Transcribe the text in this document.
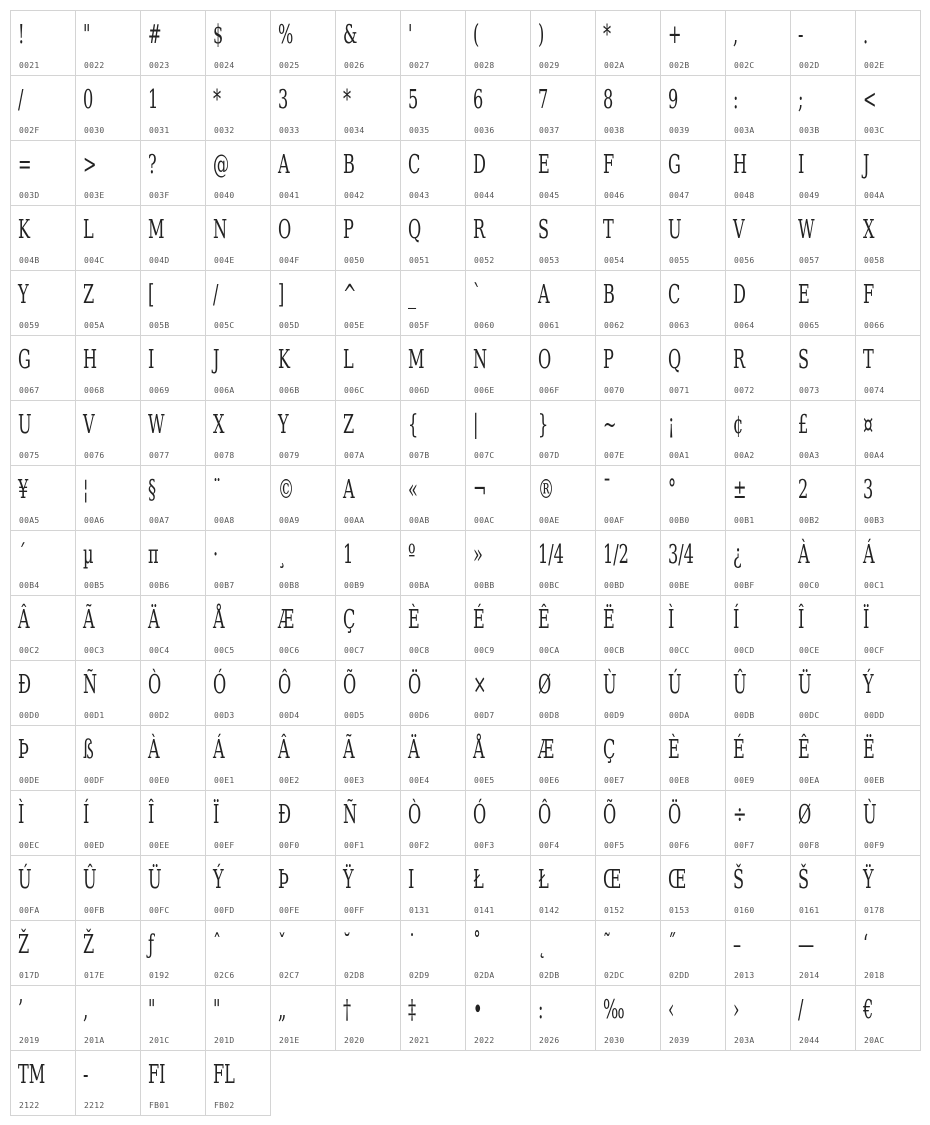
!
0021
"
0022
#
0023
$
0024
%
0025
&
0026
'
0027
(
0028
)
0029
*
002A
+
002B
,
002C
-
002D
.
002E
/
002F
0
0030
1
0031
*
0032
3
0033
*
0034
5
0035
6
0036
7
0037
8
0038
9
0039
:
003A
;
003B
<
003C
=
003D
>
003E
?
003F
@
0040
A
0041
B
0042
C
0043
D
0044
E
0045
F
0046
G
0047
H
0048
I
0049
J
004A
K
004B
L
004C
M
004D
N
004E
O
004F
P
0050
Q
0051
R
0052
S
0053
T
0054
U
0055
V
0056
W
0057
X
0058
Y
0059
Z
005A
[
005B
/
005C
]
005D
^
005E
_
005F
`
0060
A
0061
B
0062
C
0063
D
0064
E
0065
F
0066
G
0067
H
0068
I
0069
J
006A
K
006B
L
006C
M
006D
N
006E
O
006F
P
0070
Q
0071
R
0072
S
0073
T
0074
U
0075
V
0076
W
0077
X
0078
Y
0079
Z
007A
{
007B
|
007C
}
007D
~
007E
¡
00A1
¢
00A2
£
00A3
¤
00A4
¥
00A5
¦
00A6
§
00A7
¨
00A8
©
00A9
A
00AA
«
00AB
¬
00AC
®
00AE
¯
00AF
°
00B0
±
00B1
2
00B2
3
00B3
´
00B4
µ
00B5
π
00B6
·
00B7
¸
00B8
1
00B9
º
00BA
»
00BB
1/4
00BC
1/2
00BD
3/4
00BE
¿
00BF
À
00C0
Á
00C1
Â
00C2
Ã
00C3
Ä
00C4
Å
00C5
Æ
00C6
Ç
00C7
È
00C8
É
00C9
Ê
00CA
Ë
00CB
Ì
00CC
Í
00CD
Î
00CE
Ï
00CF
Ð
00D0
Ñ
00D1
Ò
00D2
Ó
00D3
Ô
00D4
Õ
00D5
Ö
00D6
×
00D7
Ø
00D8
Ù
00D9
Ú
00DA
Û
00DB
Ü
00DC
Ý
00DD
Þ
00DE
ß
00DF
À
00E0
Á
00E1
Â
00E2
Ã
00E3
Ä
00E4
Å
00E5
Æ
00E6
Ç
00E7
È
00E8
É
00E9
Ê
00EA
Ë
00EB
Ì
00EC
Í
00ED
Î
00EE
Ï
00EF
Ð
00F0
Ñ
00F1
Ò
00F2
Ó
00F3
Ô
00F4
Õ
00F5
Ö
00F6
÷
00F7
Ø
00F8
Ù
00F9
Ú
00FA
Û
00FB
Ü
00FC
Ý
00FD
Þ
00FE
Ÿ
00FF
I
0131
Ł
0141
Ł
0142
Œ
0152
Œ
0153
Š
0160
Š
0161
Ÿ
0178
Ž
017D
Ž
017E
ƒ
0192
ˆ
02C6
ˇ
02C7
˘
02D8
˙
02D9
˚
02DA
˛
02DB
˜
02DC
˝
02DD
–
2013
—
2014
‘
2018
’
2019
‚
201A
"
201C
"
201D
„
201E
†
2020
‡
2021
•
2022
:
2026
‰
2030
‹
2039
›
203A
/
2044
€
20AC
TM
2122
-
2212
FI
FB01
FL
FB02
